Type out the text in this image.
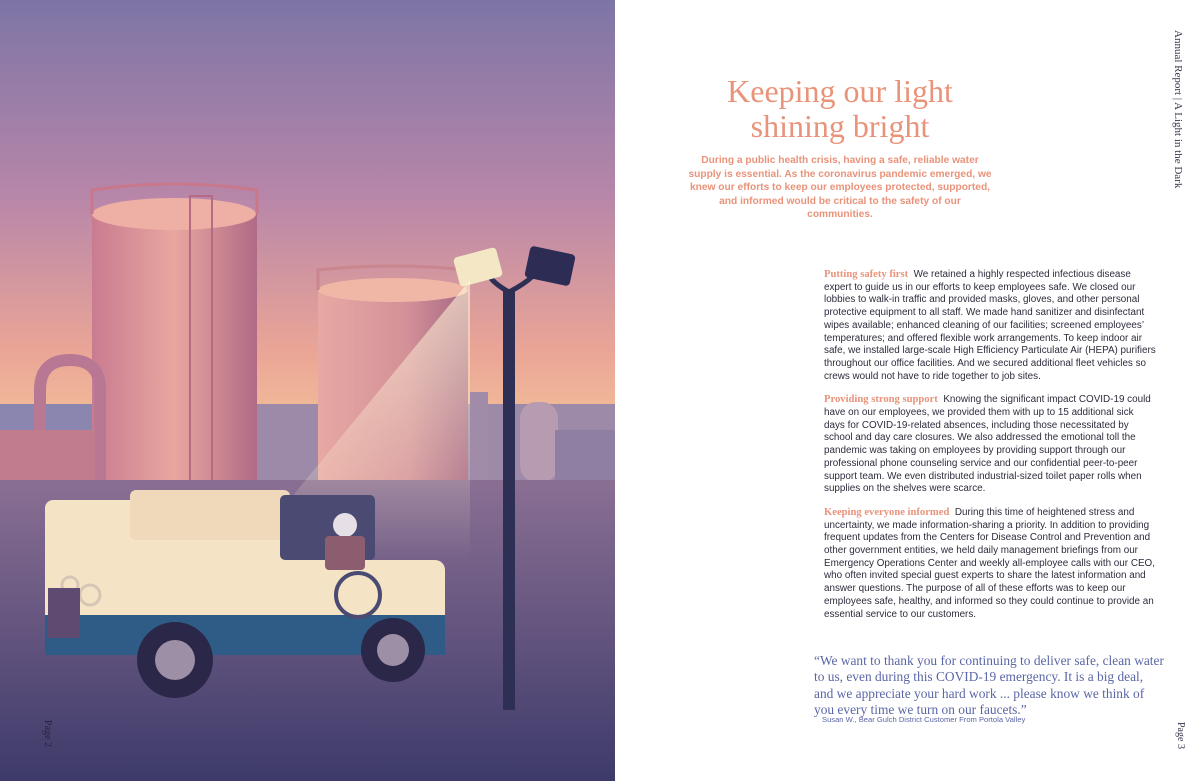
Page 2
Annual Report | A Light in the Dark
Keeping our light
shining bright

During a public health crisis, having a safe, reliable water supply is essential. As the coronavirus pandemic emerged, we knew our efforts to keep our employees protected, supported, and informed would be critical to the safety of our communities.

Putting safety first We retained a highly respected infectious disease expert to guide us in our efforts to keep employees safe. We closed our lobbies to walk-in traffic and provided masks, gloves, and other personal protective equipment to all staff. We made hand sanitizer and disinfectant wipes available; enhanced cleaning of our facilities; screened employees’ temperatures; and offered flexible work arrangements. To keep indoor air safe, we installed large-scale High Efficiency Particulate Air (HEPA) purifiers throughout our office facilities. And we secured additional fleet vehicles so crews would not have to ride together to job sites.

Providing strong support Knowing the significant impact COVID-19 could have on our employees, we provided them with up to 15 additional sick days for COVID-19-related absences, including those necessitated by school and day care closures. We also addressed the emotional toll the pandemic was taking on employees by providing support through our professional phone counseling service and our confidential peer-to-peer support team. We even distributed industrial-sized toilet paper rolls when supplies on the shelves were scarce.

Keeping everyone informed During this time of heightened stress and uncertainty, we made information-sharing a priority. In addition to providing frequent updates from the Centers for Disease Control and Prevention and other government entities, we held daily management briefings from our Emergency Operations Center and weekly all-employee calls with our CEO, who often invited special guest experts to share the latest information and answer questions. The purpose of all of these efforts was to keep our employees safe, healthy, and informed so they could continue to provide an essential service to our customers.

“We want to thank you for continuing to deliver safe, clean water to us, even during this COVID-19 emergency. It is a big deal, and we appreciate your hard work ... please know we think of you every time we turn on our faucets.”

Susan W., Bear Gulch District Customer From Portola Valley

Page 3
